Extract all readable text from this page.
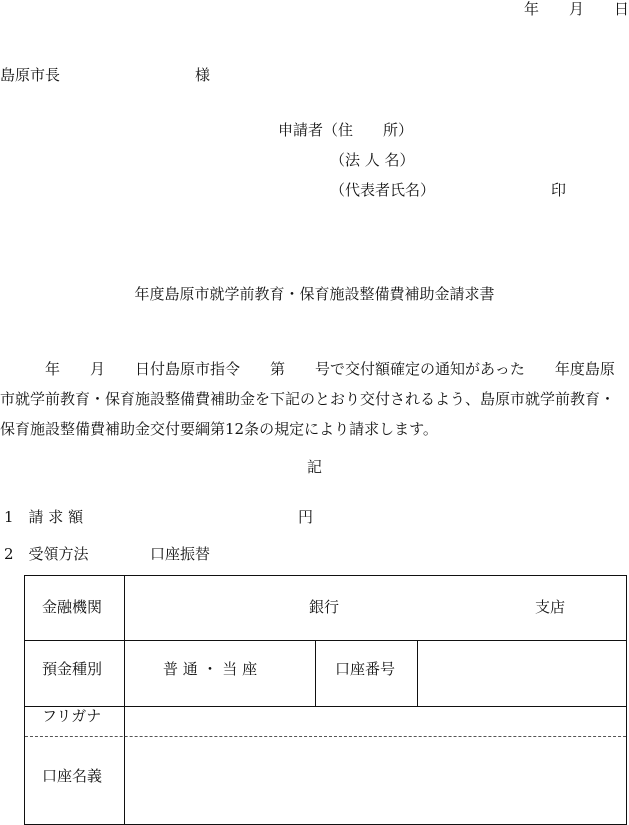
年　　月　　日
島原市長　　　　　　　　　様
申請者（住　　所）
（法 人 名）
（代表者氏名）	印
年度島原市就学前教育・保育施設整備費補助金請求書
　　　年　　月　　日付島原市指令　　第　　号で交付額確定の通知があった　　年度島原
市就学前教育・保育施設整備費補助金を下記のとおり交付されるよう、島原市就学前教育・
保育施設整備費補助金交付要綱第12条の規定により請求します。
記
1　請 求 額	円
2　受領方法	口座振替
金融機関	銀行	支店
預金種別	普 通 ・ 当 座	口座番号
フリガナ
口座名義
